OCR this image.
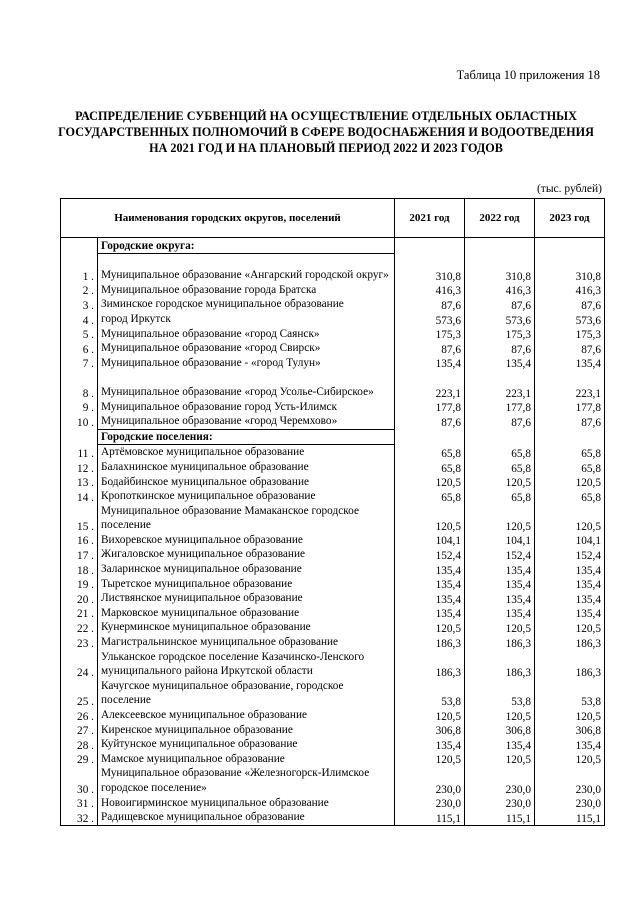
Таблица 10 приложения 18
РАСПРЕДЕЛЕНИЕ СУБВЕНЦИЙ НА ОСУЩЕСТВЛЕНИЕ ОТДЕЛЬНЫХ ОБЛАСТНЫХ
ГОСУДАРСТВЕННЫХ ПОЛНОМОЧИЙ В СФЕРЕ ВОДОСНАБЖЕНИЯ И ВОДООТВЕДЕНИЯ
НА 2021 ГОД И НА ПЛАНОВЫЙ ПЕРИОД 2022 И 2023 ГОДОВ
(тыс. рублей)
Наименования городских округов, поселений		2021 год	2022 год	2023 год
	Городские округа:			
1 .	Муниципальное образование «Ангарский городской округ»	310,8	310,8	310,8
2 .	Муниципальное образование города Братска	416,3	416,3	416,3
3 .	Зиминское городское муниципальное образование	87,6	87,6	87,6
4 .	город Иркутск	573,6	573,6	573,6
5 .	Муниципальное образование «город Саянск»	175,3	175,3	175,3
6 .	Муниципальное образование «город Свирск»	87,6	87,6	87,6
7 .	Муниципальное образование - «город Тулун»	135,4	135,4	135,4
8 .	Муниципальное образование «город Усолье-Сибирское»	223,1	223,1	223,1
9 .	Муниципальное образование город Усть-Илимск	177,8	177,8	177,8
10 .	Муниципальное образование «город Черемхово»	87,6	87,6	87,6
	Городские поселения:			
11 .	Артёмовское муниципальное образование	65,8	65,8	65,8
12 .	Балахнинское муниципальное образование	65,8	65,8	65,8
13 .	Бодайбинское муниципальное образование	120,5	120,5	120,5
14 .	Кропоткинское муниципальное образование	65,8	65,8	65,8
15 .	Муниципальное образование Мамаканское городское поселение	120,5	120,5	120,5
16 .	Вихоревское муниципальное образование	104,1	104,1	104,1
17 .	Жигаловское муниципальное образование	152,4	152,4	152,4
18 .	Заларинское муниципальное образование	135,4	135,4	135,4
19 .	Тыретское муниципальное образование	135,4	135,4	135,4
20 .	Листвянское муниципальное образование	135,4	135,4	135,4
21 .	Марковское муниципальное образование	135,4	135,4	135,4
22 .	Кунерминское муниципальное образование	120,5	120,5	120,5
23 .	Магистральнинское муниципальное образование	186,3	186,3	186,3
24 .	Ульканское городское поселение Казачинско-Ленского муниципального района Иркутской области	186,3	186,3	186,3
25 .	Качугское муниципальное образование, городское поселение	53,8	53,8	53,8
26 .	Алексеевское муниципальное образование	120,5	120,5	120,5
27 .	Киренское муниципальное образование	306,8	306,8	306,8
28 .	Куйтунское муниципальное образование	135,4	135,4	135,4
29 .	Мамское муниципальное образование	120,5	120,5	120,5
30 .	Муниципальное образование «Железногорск-Илимское городское поселение»	230,0	230,0	230,0
31 .	Новоигирминское муниципальное образование	230,0	230,0	230,0
32 .	Радищевское муниципальное образование	115,1	115,1	115,1
